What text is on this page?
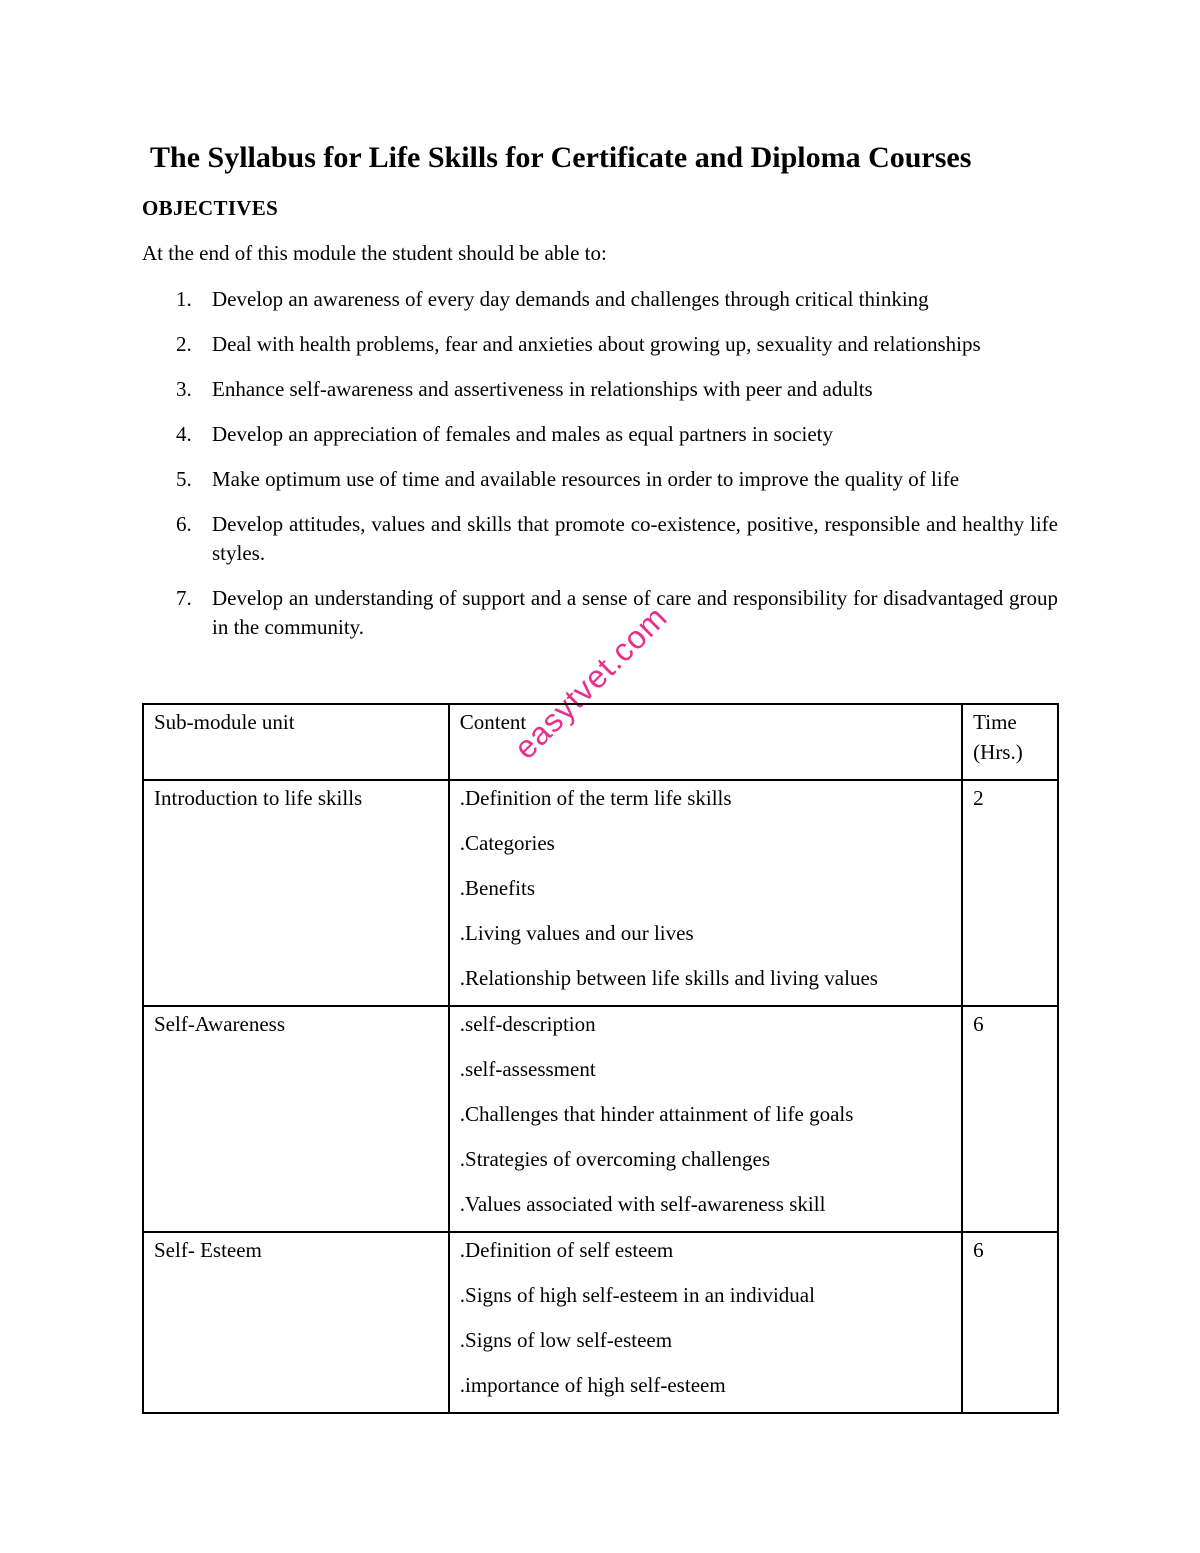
The Syllabus for Life Skills for Certificate and Diploma Courses
OBJECTIVES

At the end of this module the student should be able to:

1. Develop an awareness of every day demands and challenges through critical thinking
2. Deal with health problems, fear and anxieties about growing up, sexuality and relationships
3. Enhance self-awareness and assertiveness in relationships with peer and adults
4. Develop an appreciation of females and males as equal partners in society
5. Make optimum use of time and available resources in order to improve the quality of life
6. Develop attitudes, values and skills that promote co-existence, positive, responsible and healthy life styles.
7. Develop an understanding of support and a sense of care and responsibility for disadvantaged group in the community.	easytvet.com
Sub-module unit	Content	Time (Hrs.)

Introduction to life skills	.Definition of the term life skills
.Categories
.Benefits
.Living values and our lives
.Relationship between life skills and living values	2

Self-Awareness	.self-description
.self-assessment
.Challenges that hinder attainment of life goals
.Strategies of overcoming challenges
.Values associated with self-awareness skill	6

Self- Esteem	.Definition of self esteem
.Signs of high self-esteem in an individual
.Signs of low self-esteem
.importance of high self-esteem	6
